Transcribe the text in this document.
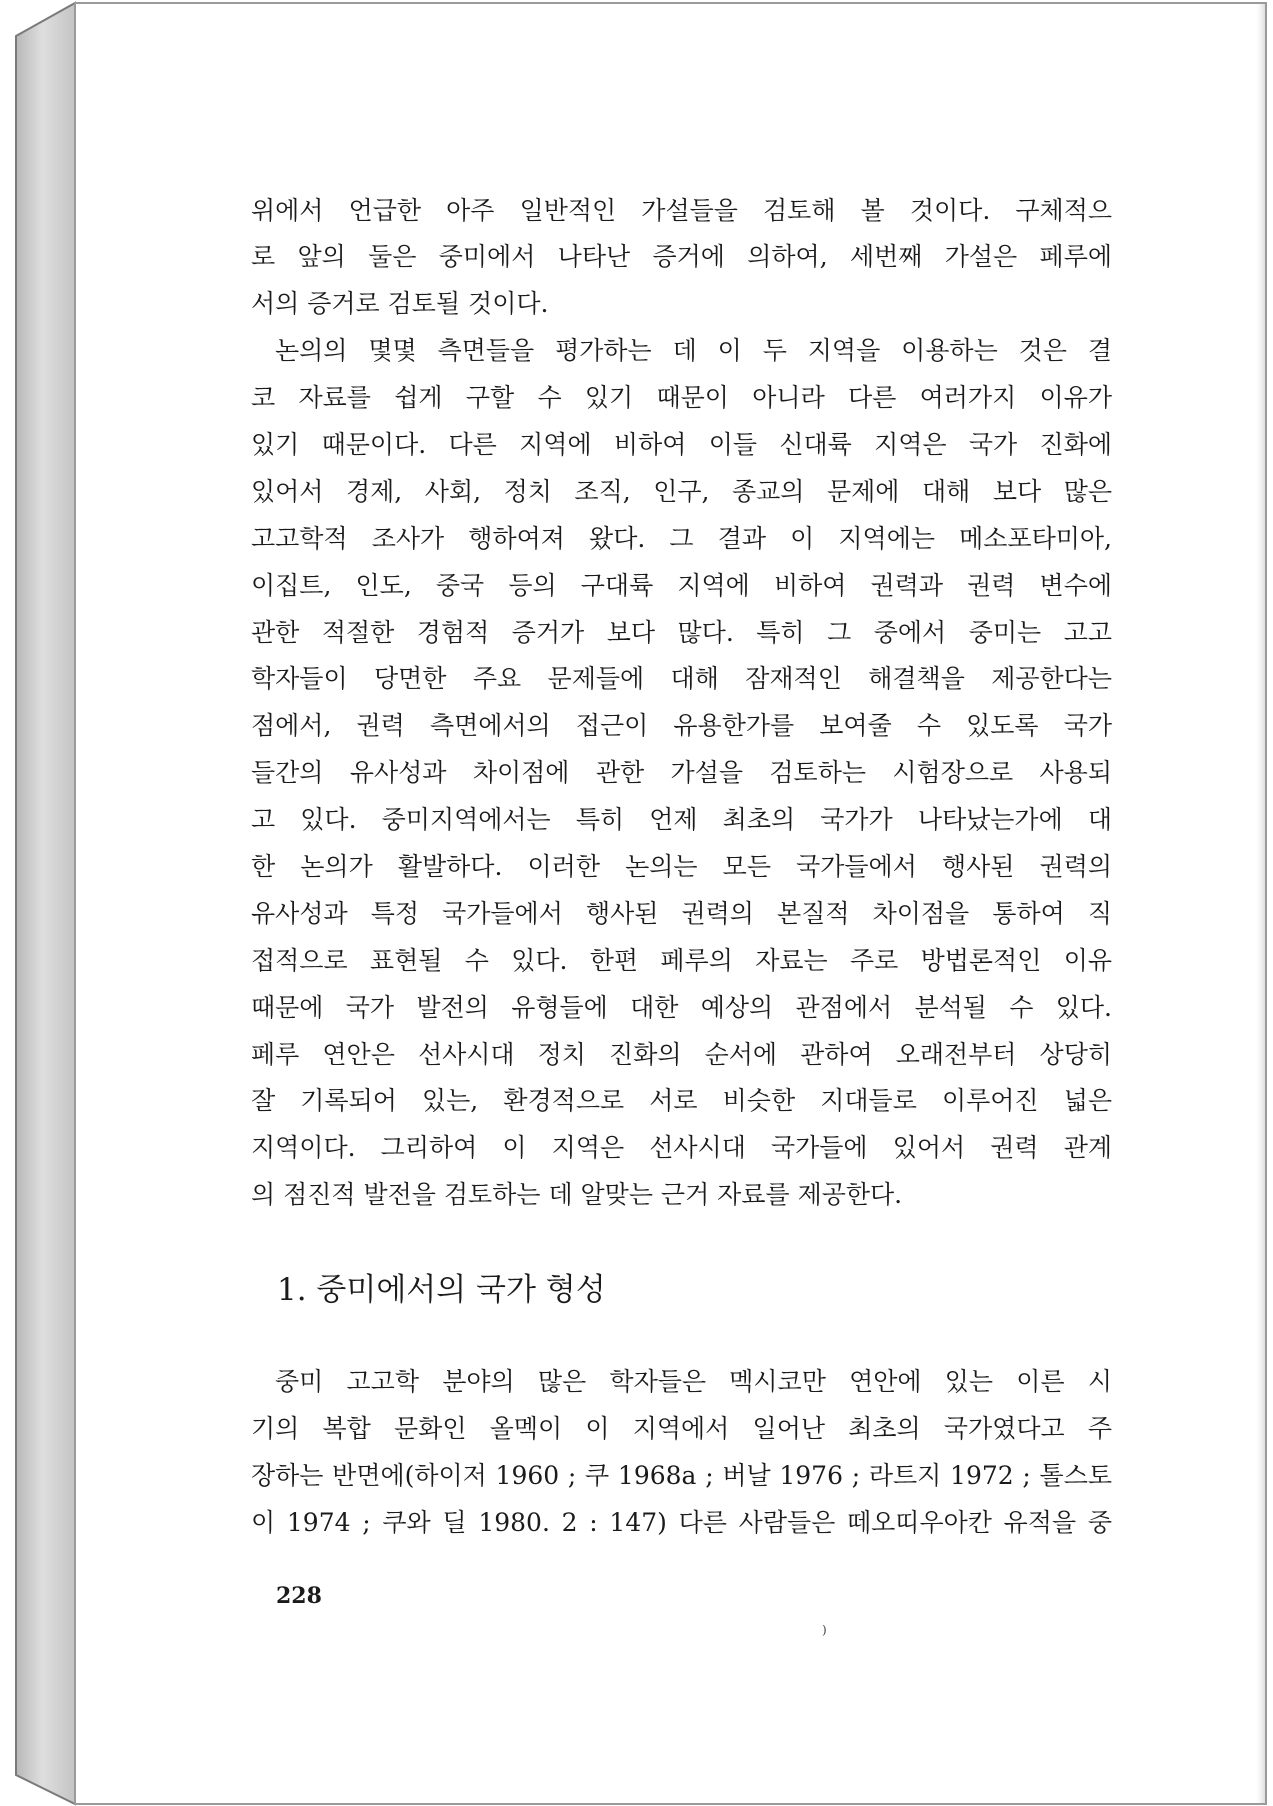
위에서 언급한 아주 일반적인 가설들을 검토해 볼 것이다. 구체적으
로 앞의 둘은 중미에서 나타난 증거에 의하여, 세번째 가설은 페루에
서의 증거로 검토될 것이다.
논의의 몇몇 측면들을 평가하는 데 이 두 지역을 이용하는 것은 결
코 자료를 쉽게 구할 수 있기 때문이 아니라 다른 여러가지 이유가
있기 때문이다. 다른 지역에 비하여 이들 신대륙 지역은 국가 진화에
있어서 경제, 사회, 정치 조직, 인구, 종교의 문제에 대해 보다 많은
고고학적 조사가 행하여져 왔다. 그 결과 이 지역에는 메소포타미아,
이집트, 인도, 중국 등의 구대륙 지역에 비하여 권력과 권력 변수에
관한 적절한 경험적 증거가 보다 많다. 특히 그 중에서 중미는 고고
학자들이 당면한 주요 문제들에 대해 잠재적인 해결책을 제공한다는
점에서, 권력 측면에서의 접근이 유용한가를 보여줄 수 있도록 국가
들간의 유사성과 차이점에 관한 가설을 검토하는 시험장으로 사용되
고 있다. 중미지역에서는 특히 언제 최초의 국가가 나타났는가에 대
한 논의가 활발하다. 이러한 논의는 모든 국가들에서 행사된 권력의
유사성과 특정 국가들에서 행사된 권력의 본질적 차이점을 통하여 직
접적으로 표현될 수 있다. 한편 페루의 자료는 주로 방법론적인 이유
때문에 국가 발전의 유형들에 대한 예상의 관점에서 분석될 수 있다.
페루 연안은 선사시대 정치 진화의 순서에 관하여 오래전부터 상당히
잘 기록되어 있는, 환경적으로 서로 비슷한 지대들로 이루어진 넓은
지역이다. 그리하여 이 지역은 선사시대 국가들에 있어서 권력 관계
의 점진적 발전을 검토하는 데 알맞는 근거 자료를 제공한다.
1. 중미에서의 국가 형성
중미 고고학 분야의 많은 학자들은 멕시코만 연안에 있는 이른 시
기의 복합 문화인 올멕이 이 지역에서 일어난 최초의 국가였다고 주
장하는 반면에(하이저 1960 ; 쿠 1968a ; 버날 1976 ; 라트지 1972 ; 톨스토
이 1974 ; 쿠와 딜 1980. 2 : 147) 다른 사람들은 떼오띠우아칸 유적을 중
228
)
